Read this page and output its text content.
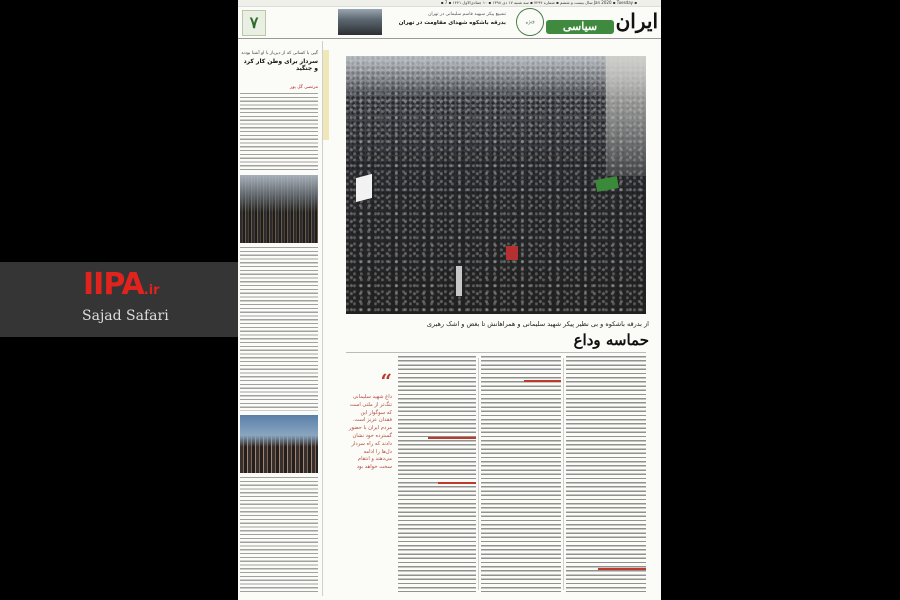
▪ سال بیست و ششم ▪ شماره ۷۲۹۴ ▪ سه شنبه ۱۷ دی ۱۳۹۸ ▪ ۱۰ جمادی‌الاول ۱۴۴۱ ▪ 7 Jan 2020 ▪ Tuesday ▪
۷	تشییع پیکر سپهبد قاسم سلیمانی در تهران
بدرقه باشکوه شهدای مقاومت در تهران	ویژه	سیاسی ایران
گپی با کسانی که از دیرباز با او آشنا بودند
سردار برای وطن کار کرد و جنگید
مرتضی گل پور
از بدرقه باشکوه و بی نظیر پیکر شهید سلیمانی و همراهانش تا بغض و اشک رهبری
حماسه وداع
“
داغ شهید سلیمانی تنگ‌تر از ملتی است که سوگوار این فقدان عزیز است. مردم ایران با حضور گسترده خود نشان دادند که راه سردار دل‌ها را ادامه می‌دهند و انتقام سخت خواهد بود
IIPA.ir
Sajad Safari
